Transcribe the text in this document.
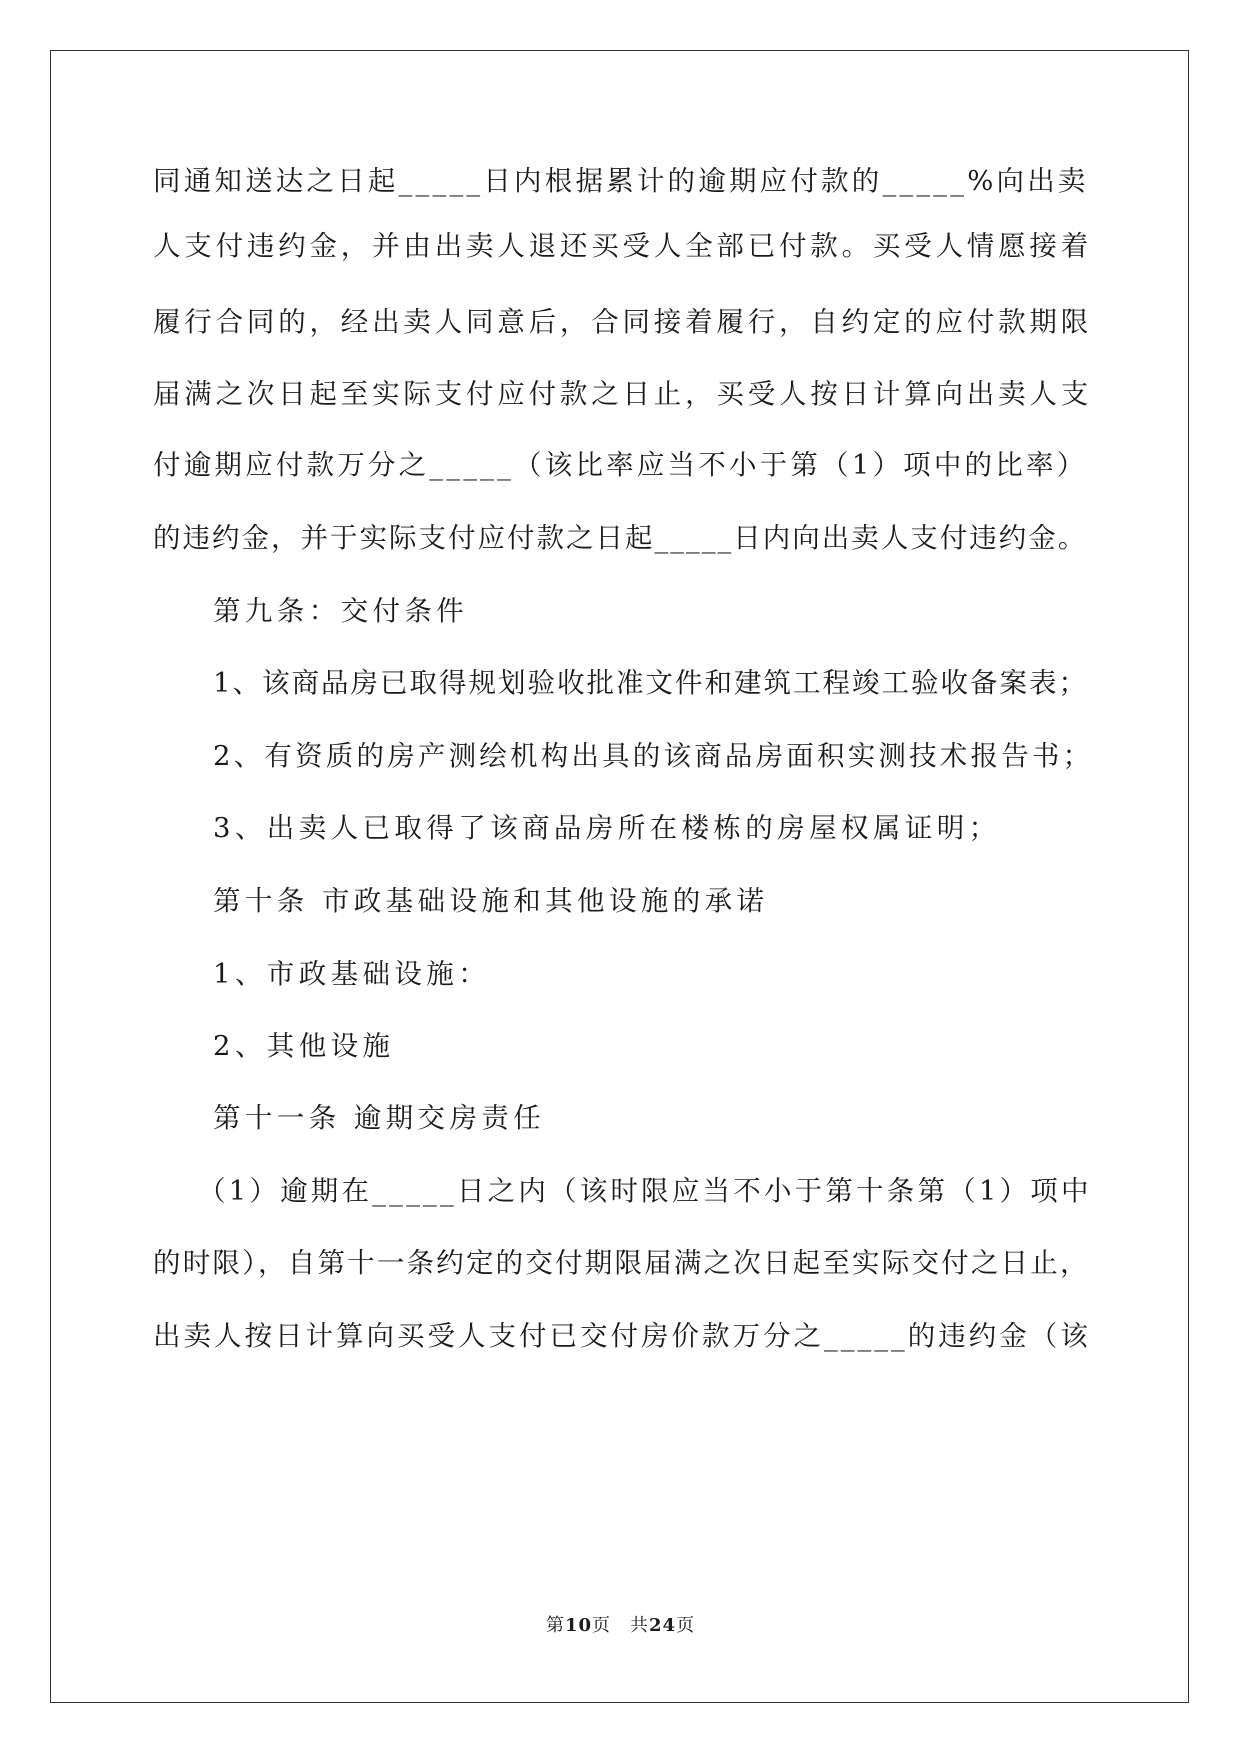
同通知送达之日起_____日内根据累计的逾期应付款的_____%向出卖
人支付违约金，并由出卖人退还买受人全部已付款。买受人情愿接着
履行合同的，经出卖人同意后，合同接着履行，自约定的应付款期限
届满之次日起至实际支付应付款之日止，买受人按日计算向出卖人支
付逾期应付款万分之_____（该比率应当不小于第（1）项中的比率）
的违约金，并于实际支付应付款之日起_____日内向出卖人支付违约金。
第九条：交付条件
1、该商品房已取得规划验收批准文件和建筑工程竣工验收备案表；
2、有资质的房产测绘机构出具的该商品房面积实测技术报告书；
3、出卖人已取得了该商品房所在楼栋的房屋权属证明；
第十条 市政基础设施和其他设施的承诺
1、市政基础设施：
2、其他设施
第十一条 逾期交房责任
（1）逾期在_____日之内（该时限应当不小于第十条第（1）项中
的时限），自第十一条约定的交付期限届满之次日起至实际交付之日止，
出卖人按日计算向买受人支付已交付房价款万分之_____的违约金（该
第10页　共24页
